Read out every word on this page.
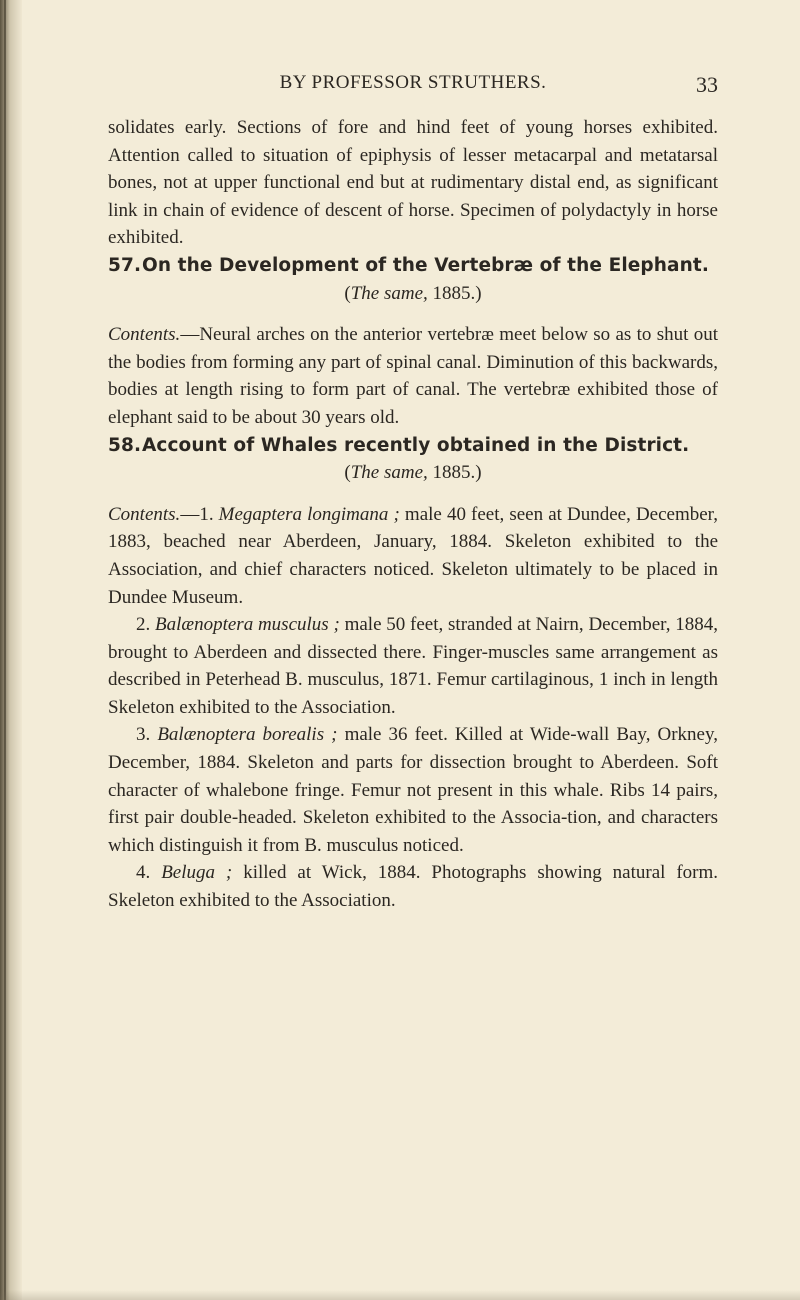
BY PROFESSOR STRUTHERS.	33

solidates early. Sections of fore and hind feet of young horses exhibited. Attention called to situation of epiphysis of lesser metacarpal and metatarsal bones, not at upper functional end but at rudimentary distal end, as significant link in chain of evidence of descent of horse. Specimen of polydactyly in horse exhibited.

57.On the Development of the Vertebræ of the Elephant.

(The same, 1885.)

Contents.—Neural arches on the anterior vertebræ meet below so as to shut out the bodies from forming any part of spinal canal. Diminution of this backwards, bodies at length rising to form part of canal. The vertebræ exhibited those of elephant said to be about 30 years old.

58.Account of Whales recently obtained in the District.

(The same, 1885.)

Contents.—1. Megaptera longimana ; male 40 feet, seen at Dundee, December, 1883, beached near Aberdeen, January, 1884. Skeleton exhibited to the Association, and chief characters noticed. Skeleton ultimately to be placed in Dundee Museum.

2. Balænoptera musculus ; male 50 feet, stranded at Nairn, December, 1884, brought to Aberdeen and dissected there. Finger-muscles same arrangement as described in Peterhead B. musculus, 1871. Femur cartilaginous, 1 inch in length Skeleton exhibited to the Association.

3. Balænoptera borealis ; male 36 feet. Killed at Wide-wall Bay, Orkney, December, 1884. Skeleton and parts for dissection brought to Aberdeen. Soft character of whalebone fringe. Femur not present in this whale. Ribs 14 pairs, first pair double-headed. Skeleton exhibited to the Associa-tion, and characters which distinguish it from B. musculus noticed.

4. Beluga ; killed at Wick, 1884. Photographs showing natural form. Skeleton exhibited to the Association.
